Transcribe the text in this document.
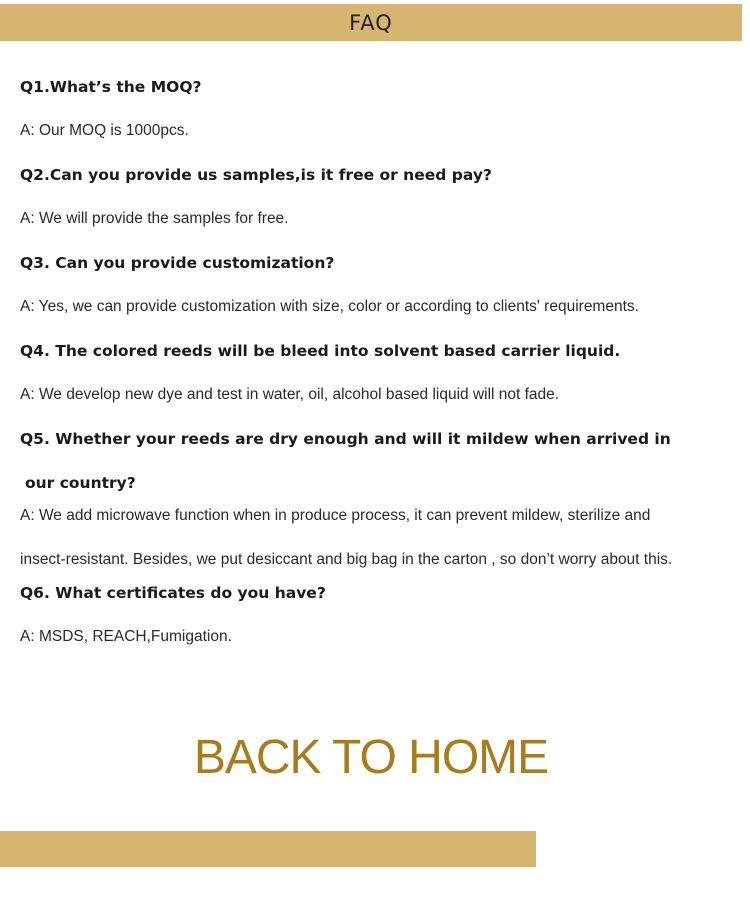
FAQ
Q1.What’s the MOQ?
A: Our MOQ is 1000pcs.
Q2.Can you provide us samples,is it free or need pay?
A: We will provide the samples for free.
Q3. Can you provide customization?
A: Yes, we can provide customization with size, color or according to clients' requirements.
Q4. The colored reeds will be bleed into solvent based carrier liquid.
A: We develop new dye and test in water, oil, alcohol based liquid will not fade.
Q5. Whether your reeds are dry enough and will it mildew when arrived in
our country?
A: We add microwave function when in produce process, it can prevent mildew, sterilize and
insect-resistant. Besides, we put desiccant and big bag in the carton , so don’t worry about this.
Q6. What certificates do you have?
A: MSDS, REACH,Fumigation.
BACK TO HOME
